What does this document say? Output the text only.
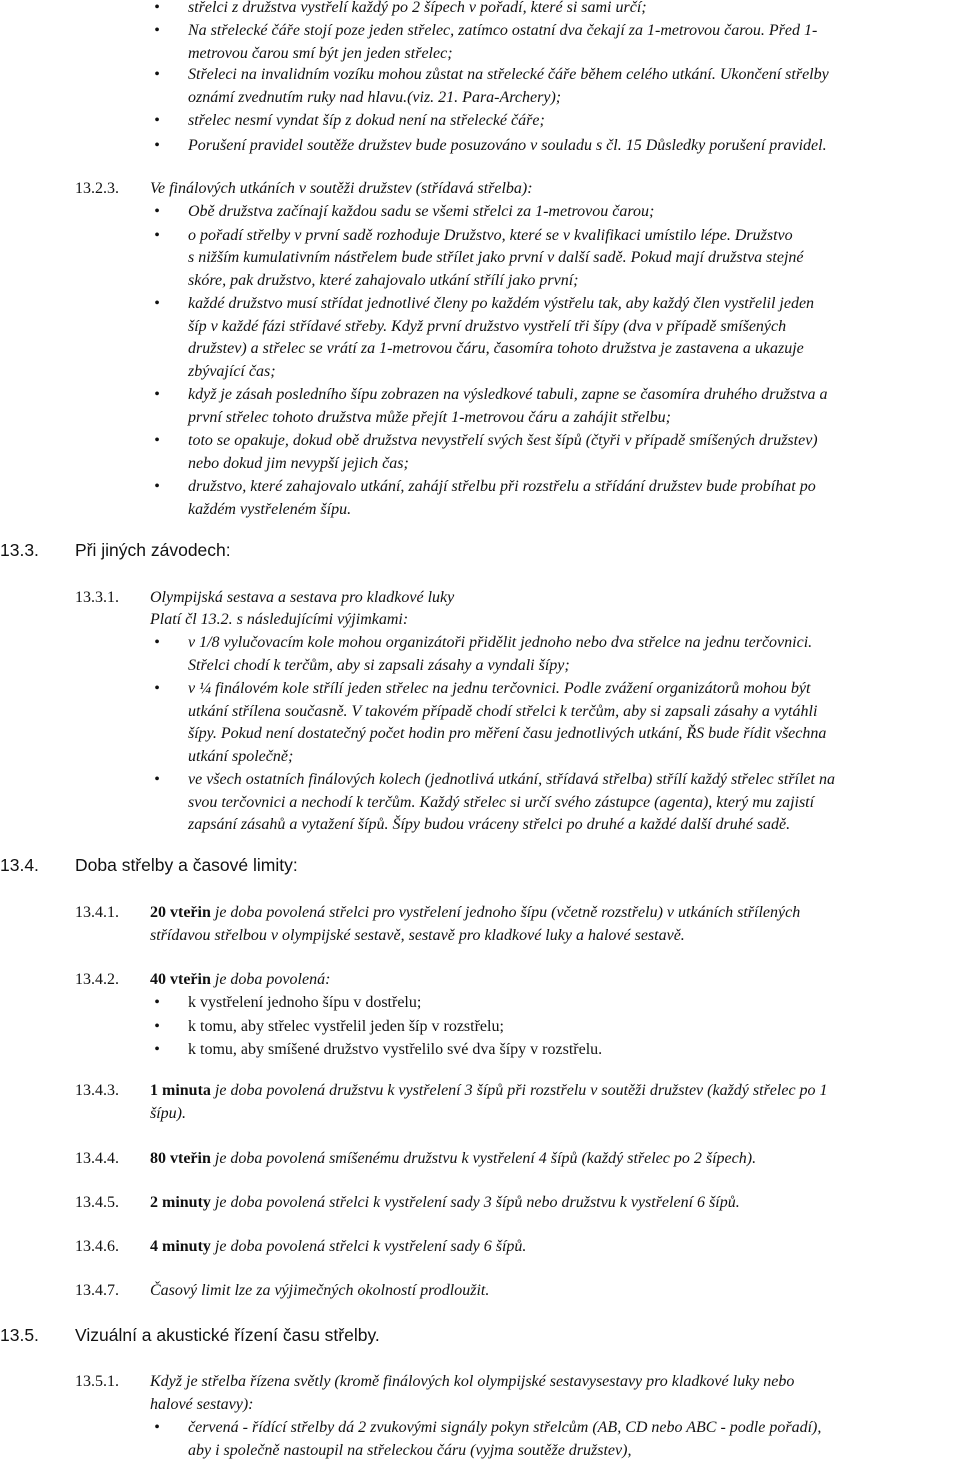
• střelci z družstva vystřelí každý po 2 šípech v pořadí, které si sami určí;
• Na střelecké čáře stojí poze jeden střelec, zatímco ostatní dva čekají za 1-metrovou čarou. Před 1-
metrovou čarou smí být jen jeden střelec;
• Střeleci na invalidním vozíku mohou zůstat na střelecké čáře během celého utkání. Ukončení střelby
oznámí zvednutím ruky nad hlavu.(viz. 21. Para-Archery);
• střelec nesmí vyndat šíp z dokud není na střelecké čáře;
• Porušení pravidel soutěže družstev bude posuzováno v souladu s čl. 15 Důsledky porušení pravidel.
13.2.3. Ve finálových utkáních v soutěži družstev (střídavá střelba):
• Obě družstva začínají každou sadu se všemi střelci za 1-metrovou čarou;
• o pořadí střelby v první sadě rozhoduje Družstvo, které se v kvalifikaci umístilo lépe. Družstvo
s nižším kumulativním nástřelem bude střílet jako první v další sadě. Pokud mají družstva stejné
skóre, pak družstvo, které zahajovalo utkání střílí jako první;
• každé družstvo musí střídat jednotlivé členy po každém výstřelu tak, aby každý člen vystřelil jeden
šíp v každé fázi střídavé střeby. Když první družstvo vystřelí tři šípy (dva v případě smíšených
družstev) a střelec se vrátí za 1-metrovou čáru, časomíra tohoto družstva je zastavena a ukazuje
zbývající čas;
• když je zásah posledního šípu zobrazen na výsledkové tabuli, zapne se časomíra druhého družstva a
první střelec tohoto družstva může přejít 1-metrovou čáru a zahájit střelbu;
• toto se opakuje, dokud obě družstva nevystřelí svých šest šípů (čtyři v případě smíšených družstev)
nebo dokud jim nevypší jejich čas;
• družstvo, které zahajovalo utkání, zahájí střelbu při rozstřelu a střídání družstev bude probíhat po
každém vystřeleném šípu.
13.3. Při jiných závodech:
13.3.1. Olympijská sestava a sestava pro kladkové luky
Platí čl 13.2. s následujícími výjimkami:
• v 1/8 vylučovacím kole mohou organizátoři přidělit jednoho nebo dva střelce na jednu terčovnici.
Střelci chodí k terčům, aby si zapsali zásahy a vyndali šípy;
• v ¼ finálovém kole střílí jeden střelec na jednu terčovnici. Podle zvážení organizátorů mohou být
utkání střílena současně. V takovém případě chodí střelci k terčům, aby si zapsali zásahy a vytáhli
šípy. Pokud není dostatečný počet hodin pro měření času jednotlivých utkání, ŘS bude řídit všechna
utkání společně;
• ve všech ostatních finálových kolech (jednotlivá utkání, střídavá střelba) střílí každý střelec střílet na
svou terčovnici a nechodí k terčům. Každý střelec si určí svého zástupce (agenta), který mu zajistí
zapsání zásahů a vytažení šípů. Šípy budou vráceny střelci po druhé a každé další druhé sadě.
13.4. Doba střelby a časové limity:
13.4.1. 20 vteřin je doba povolená střelci pro vystřelení jednoho šípu (včetně rozstřelu) v utkáních střílených
střídavou střelbou v olympijské sestavě, sestavě pro kladkové luky a halové sestavě.
13.4.2. 40 vteřin je doba povolená:
• k vystřelení jednoho šípu v dostřelu;
• k tomu, aby střelec vystřelil jeden šíp v rozstřelu;
• k tomu, aby smíšené družstvo vystřelilo své dva šípy v rozstřelu.
13.4.3. 1 minuta je doba povolená družstvu k vystřelení 3 šípů při rozstřelu v soutěži družstev (každý střelec po 1
šípu).
13.4.4. 80 vteřin je doba povolená smíšenému družstvu k vystřelení 4 šípů (každý střelec po 2 šípech).
13.4.5. 2 minuty je doba povolená střelci k vystřelení sady 3 šípů nebo družstvu k vystřelení 6 šípů.
13.4.6. 4 minuty je doba povolená střelci k vystřelení sady 6 šípů.
13.4.7. Časový limit lze za výjimečných okolností prodloužit.
13.5. Vizuální a akustické řízení času střelby.
13.5.1. Když je střelba řízena světly (kromě finálových kol olympijské sestavysestavy pro kladkové luky nebo
halové sestavy):
• červená - řídící střelby dá 2 zvukovými signály pokyn střelcům (AB, CD nebo ABC - podle pořadí),
aby i společně nastoupil na střeleckou čáru (vyjma soutěže družstev),
